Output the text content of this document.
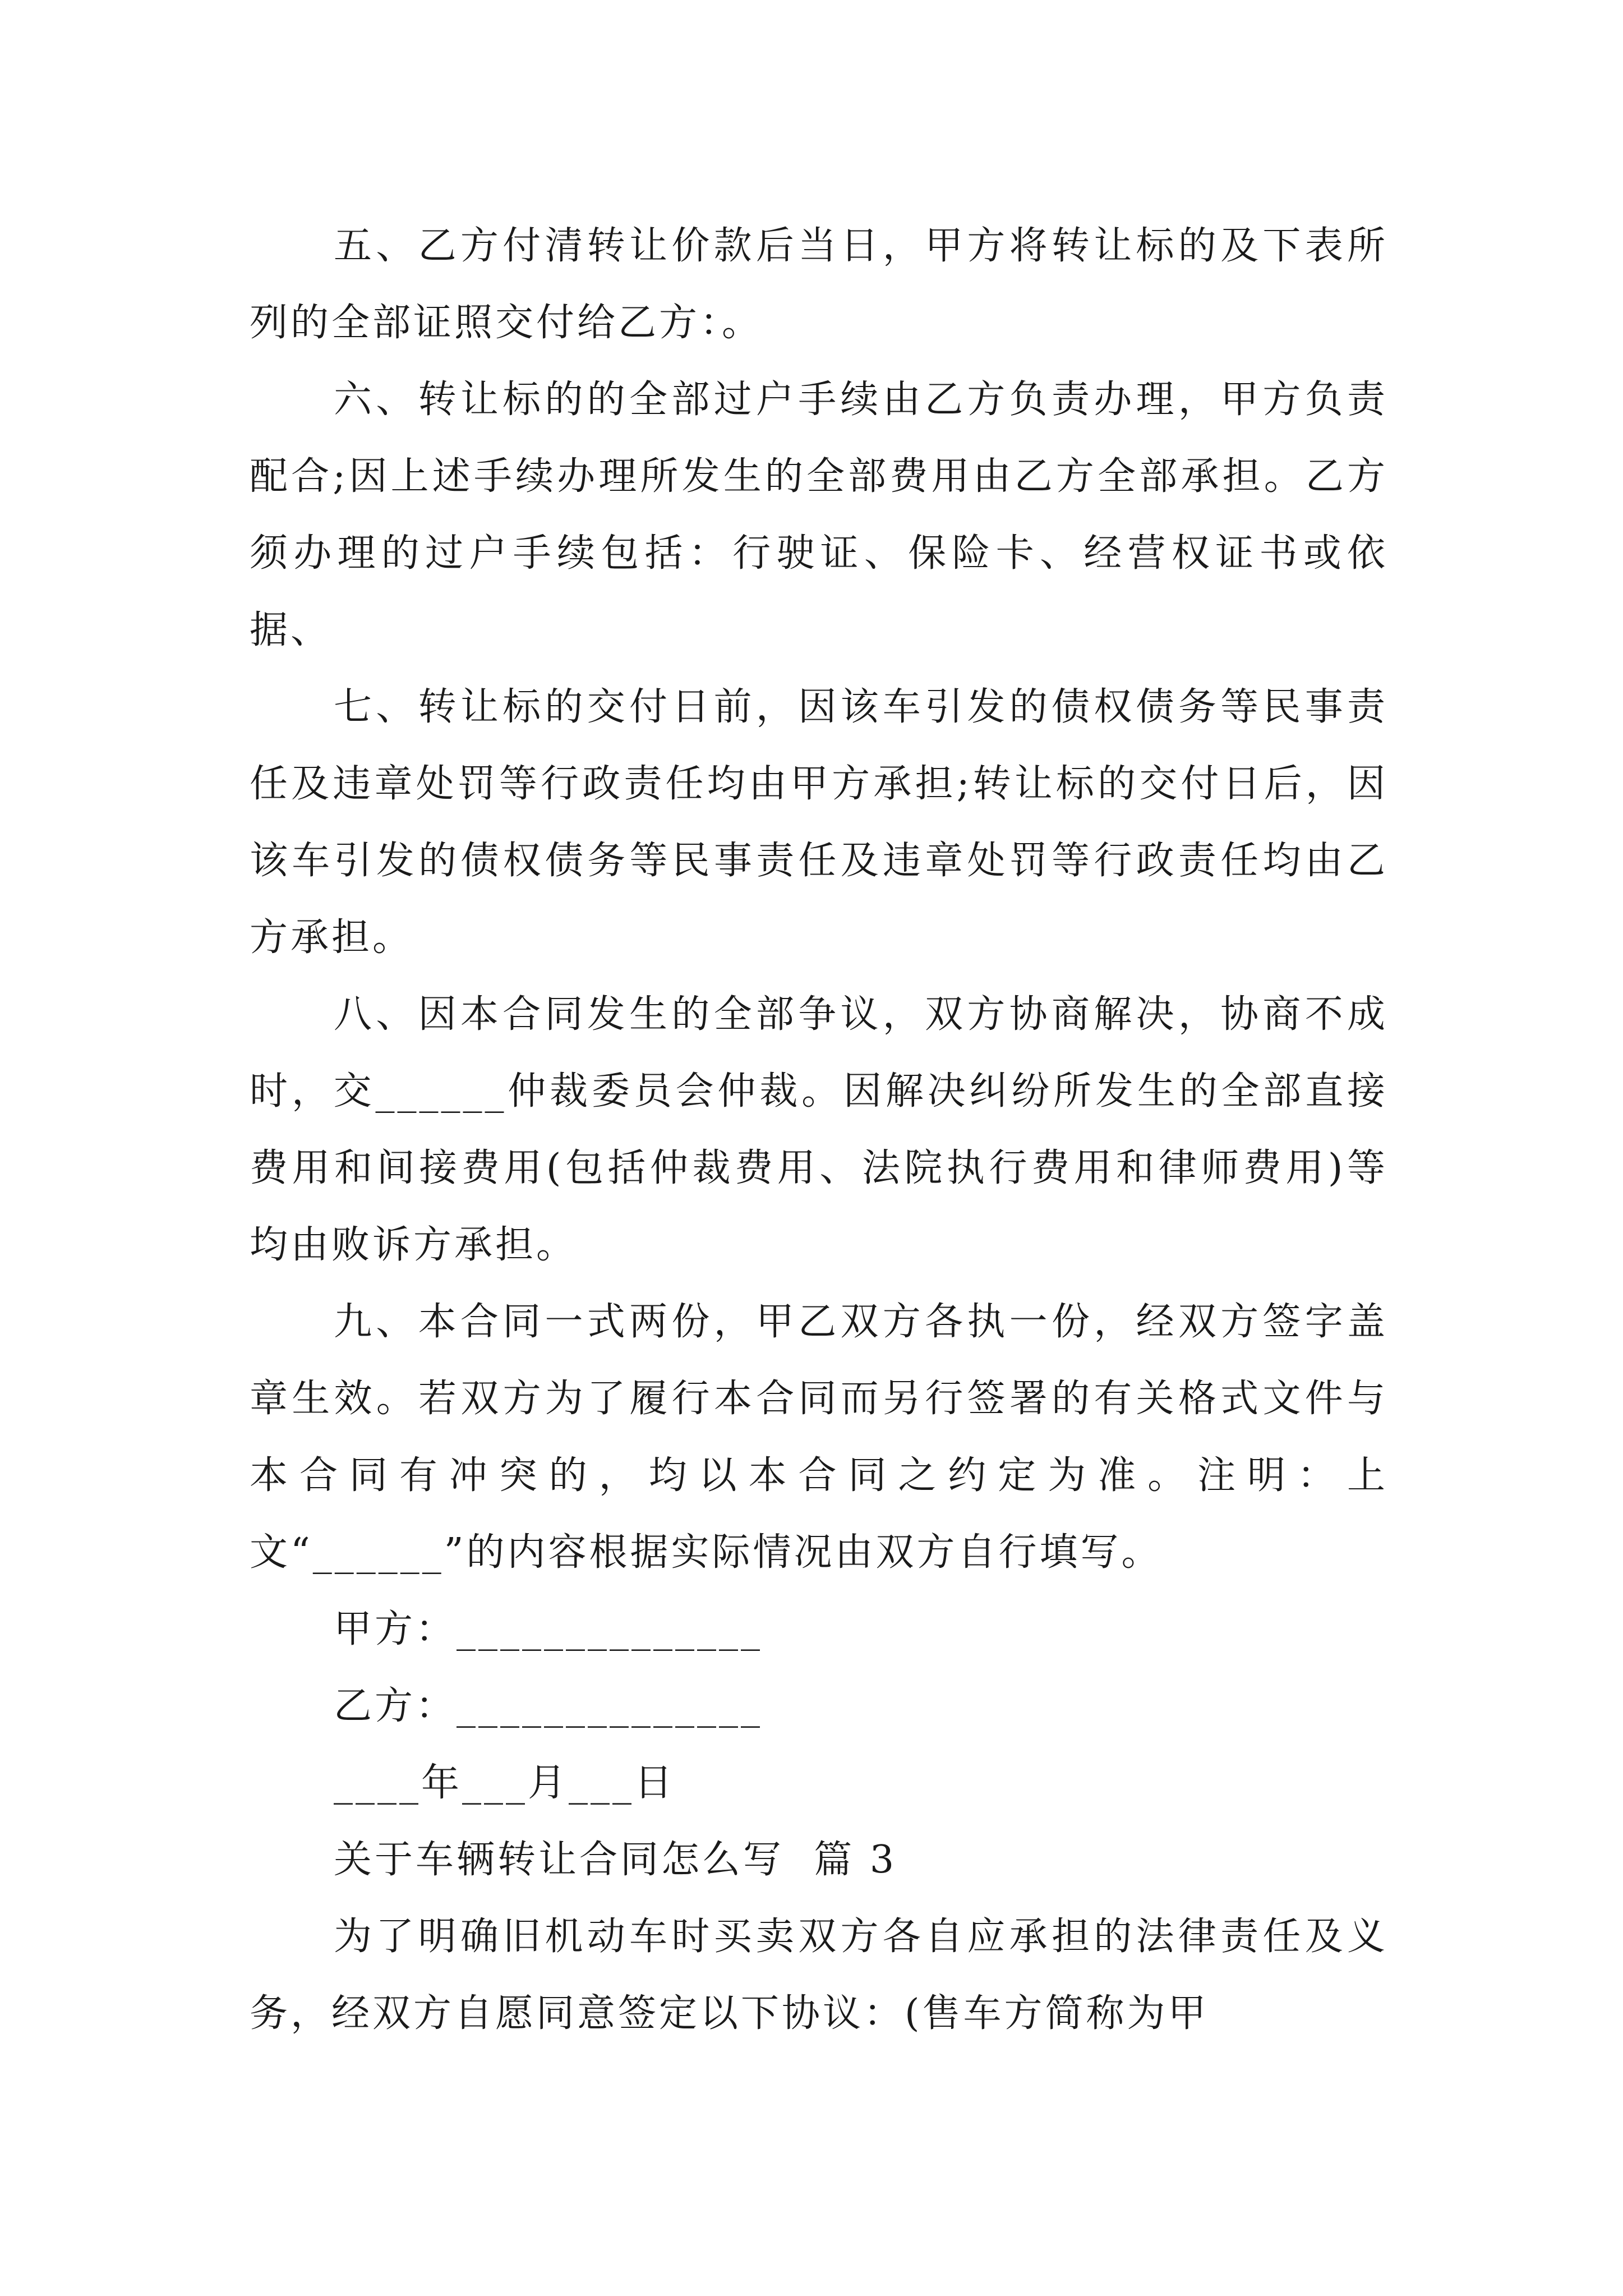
五、乙方付清转让价款后当日，甲方将转让标的及下表所列的全部证照交付给乙方：。

六、转让标的的全部过户手续由乙方负责办理，甲方负责配合;因上述手续办理所发生的全部费用由乙方全部承担。乙方须办理的过户手续包括：行驶证、保险卡、经营权证书或依据、

七、转让标的交付日前，因该车引发的债权债务等民事责任及违章处罚等行政责任均由甲方承担;转让标的交付日后，因该车引发的债权债务等民事责任及违章处罚等行政责任均由乙方承担。

八、因本合同发生的全部争议，双方协商解决，协商不成时，交______仲裁委员会仲裁。因解决纠纷所发生的全部直接费用和间接费用(包括仲裁费用、法院执行费用和律师费用)等均由败诉方承担。

九、本合同一式两份，甲乙双方各执一份，经双方签字盖章生效。若双方为了履行本合同而另行签署的有关格式文件与本合同有冲突的，均以本合同之约定为准。注明：上文“______”的内容根据实际情况由双方自行填写。

甲方：______________

乙方：______________

____年___月___日

关于车辆转让合同怎么写  篇 3

为了明确旧机动车时买卖双方各自应承担的法律责任及义务，经双方自愿同意签定以下协议：(售车方简称为甲
